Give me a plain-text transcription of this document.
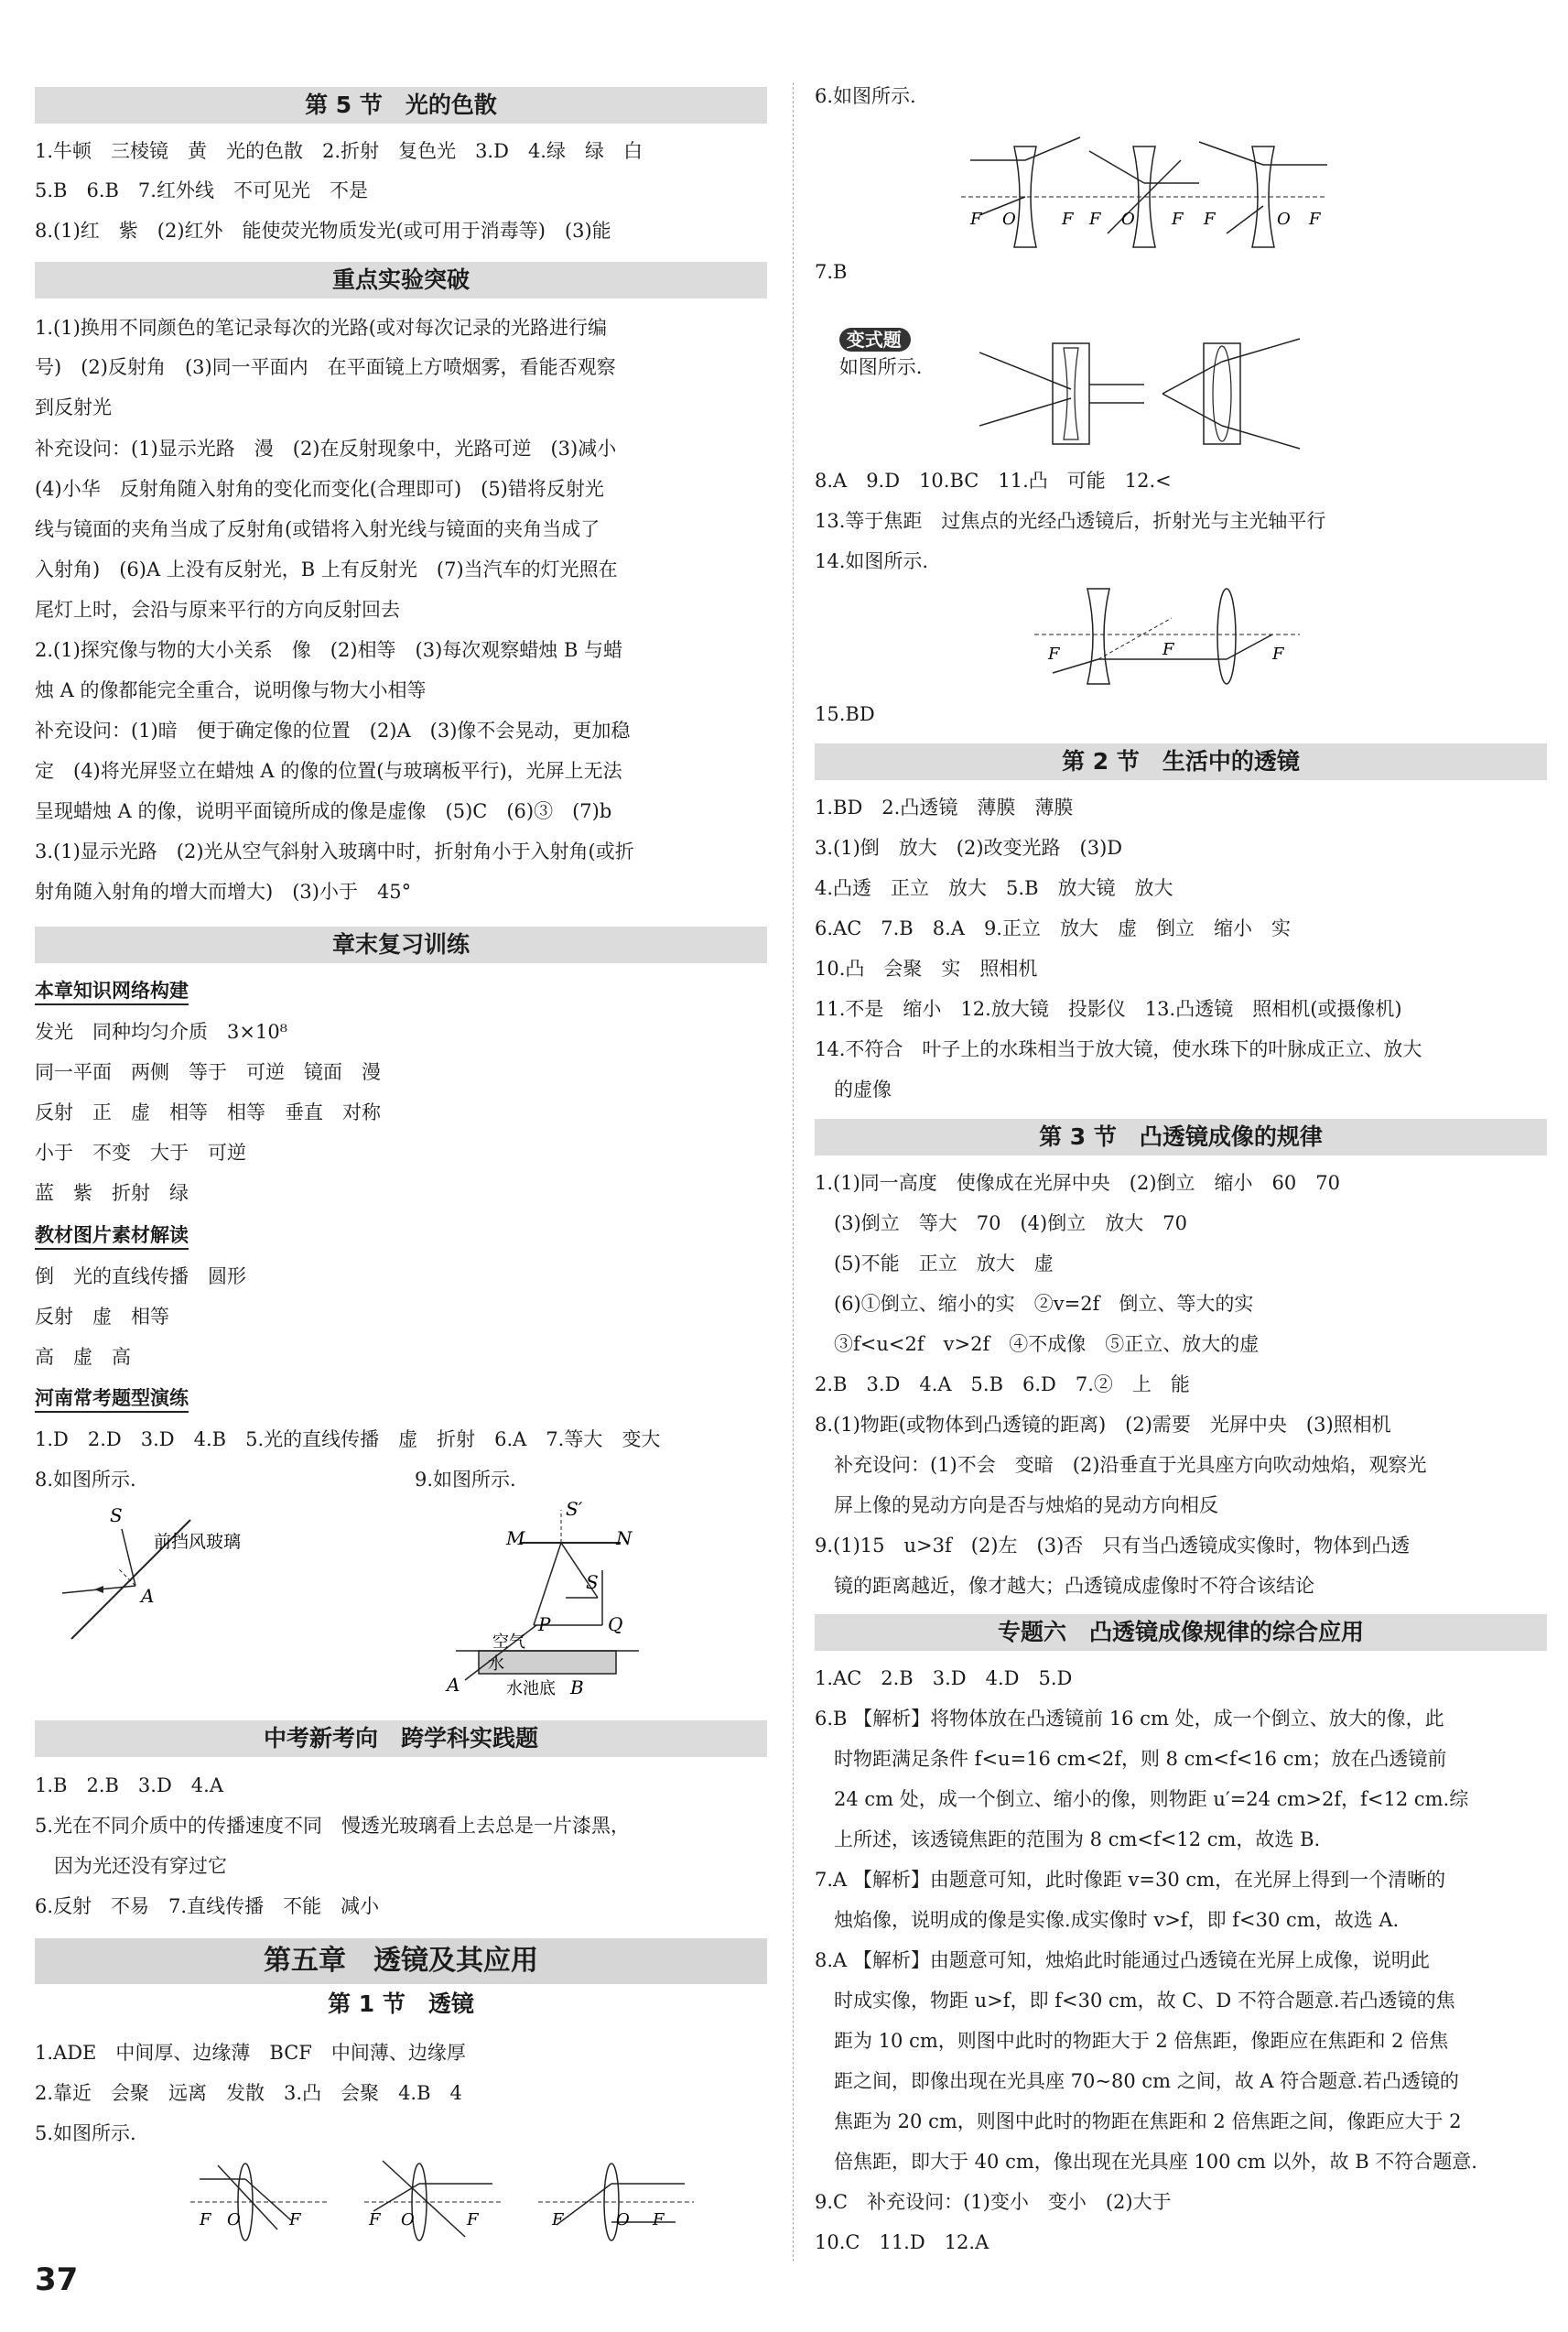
第 5 节　光的色散
1.牛顿　三棱镜　黄　光的色散　2.折射　复色光　3.D　4.绿　绿　白
5.B　6.B　7.红外线　不可见光　不是
8.(1)红　紫　(2)红外　能使荧光物质发光(或可用于消毒等)　(3)能
重点实验突破
1.(1)换用不同颜色的笔记录每次的光路(或对每次记录的光路进行编
号)　(2)反射角　(3)同一平面内　在平面镜上方喷烟雾，看能否观察
到反射光
补充设问：(1)显示光路　漫　(2)在反射现象中，光路可逆　(3)减小
(4)小华　反射角随入射角的变化而变化(合理即可)　(5)错将反射光
线与镜面的夹角当成了反射角(或错将入射光线与镜面的夹角当成了
入射角)　(6)A 上没有反射光，B 上有反射光　(7)当汽车的灯光照在
尾灯上时，会沿与原来平行的方向反射回去
2.(1)探究像与物的大小关系　像　(2)相等　(3)每次观察蜡烛 B 与蜡
烛 A 的像都能完全重合，说明像与物大小相等
补充设问：(1)暗　便于确定像的位置　(2)A　(3)像不会晃动，更加稳
定　(4)将光屏竖立在蜡烛 A 的像的位置(与玻璃板平行)，光屏上无法
呈现蜡烛 A 的像，说明平面镜所成的像是虚像　(5)C　(6)③　(7)b
3.(1)显示光路　(2)光从空气斜射入玻璃中时，折射角小于入射角(或折
射角随入射角的增大而增大)　(3)小于　45°
章末复习训练
本章知识网络构建
发光　同种均匀介质　3×10⁸
同一平面　两侧　等于　可逆　镜面　漫
反射　正　虚　相等　相等　垂直　对称
小于　不变　大于　可逆
蓝　紫　折射　绿
教材图片素材解读
倒　光的直线传播　圆形
反射　虚　相等
高　虚　高
河南常考题型演练
1.D　2.D　3.D　4.B　5.光的直线传播　虚　折射　6.A　7.等大　变大
8.如图所示.	9.如图所示.
S
A
前挡风玻璃
S′
M	N
S
P	Q
空气
水
A	水池底 B
中考新考向　跨学科实践题
1.B　2.B　3.D　4.A
5.光在不同介质中的传播速度不同　慢透光玻璃看上去总是一片漆黑，
　因为光还没有穿过它
6.反射　不易　7.直线传播　不能　减小
第五章　透镜及其应用
第 1 节　透镜
1.ADE　中间厚、边缘薄　BCF　中间薄、边缘厚
2.靠近　会聚　远离　发散　3.凸　会聚　4.B　4
5.如图所示.
F O	F	F O	F	F	O F
37
6.如图所示.
F O	F F O F F	O F
7.B

变式题
如图所示.

8.A　9.D　10.BC　11.凸　可能　12.<
13.等于焦距　过焦点的光经凸透镜后，折射光与主光轴平行
14.如图所示.
F	F	F
15.BD
第 2 节　生活中的透镜
1.BD　2.凸透镜　薄膜　薄膜
3.(1)倒　放大　(2)改变光路　(3)D
4.凸透　正立　放大　5.B　放大镜　放大
6.AC　7.B　8.A　9.正立　放大　虚　倒立　缩小　实
10.凸　会聚　实　照相机
11.不是　缩小　12.放大镜　投影仪　13.凸透镜　照相机(或摄像机)
14.不符合　叶子上的水珠相当于放大镜，使水珠下的叶脉成正立、放大
　的虚像
第 3 节　凸透镜成像的规律
1.(1)同一高度　使像成在光屏中央　(2)倒立　缩小　60　70
　(3)倒立　等大　70　(4)倒立　放大　70
　(5)不能　正立　放大　虚
　(6)①倒立、缩小的实　②v=2f　倒立、等大的实
　③f<u<2f　v>2f　④不成像　⑤正立、放大的虚
2.B　3.D　4.A　5.B　6.D　7.②　上　能
8.(1)物距(或物体到凸透镜的距离)　(2)需要　光屏中央　(3)照相机
　补充设问：(1)不会　变暗　(2)沿垂直于光具座方向吹动烛焰，观察光
　屏上像的晃动方向是否与烛焰的晃动方向相反
9.(1)15　u>3f　(2)左　(3)否　只有当凸透镜成实像时，物体到凸透
　镜的距离越近，像才越大；凸透镜成虚像时不符合该结论
专题六　凸透镜成像规律的综合应用
1.AC　2.B　3.D　4.D　5.D
6.B 【解析】将物体放在凸透镜前 16 cm 处，成一个倒立、放大的像，此
　时物距满足条件 f<u=16 cm<2f，则 8 cm<f<16 cm；放在凸透镜前
　24 cm 处，成一个倒立、缩小的像，则物距 u′=24 cm>2f，f<12 cm.综
　上所述，该透镜焦距的范围为 8 cm<f<12 cm，故选 B.
7.A 【解析】由题意可知，此时像距 v=30 cm，在光屏上得到一个清晰的
　烛焰像，说明成的像是实像.成实像时 v>f，即 f<30 cm，故选 A.
8.A 【解析】由题意可知，烛焰此时能通过凸透镜在光屏上成像，说明此
　时成实像，物距 u>f，即 f<30 cm，故 C、D 不符合题意.若凸透镜的焦
　距为 10 cm，则图中此时的物距大于 2 倍焦距，像距应在焦距和 2 倍焦
　距之间，即像出现在光具座 70~80 cm 之间，故 A 符合题意.若凸透镜的
　焦距为 20 cm，则图中此时的物距在焦距和 2 倍焦距之间，像距应大于 2
　倍焦距，即大于 40 cm，像出现在光具座 100 cm 以外，故 B 不符合题意.
9.C　补充设问：(1)变小　变小　(2)大于
10.C　11.D　12.A
